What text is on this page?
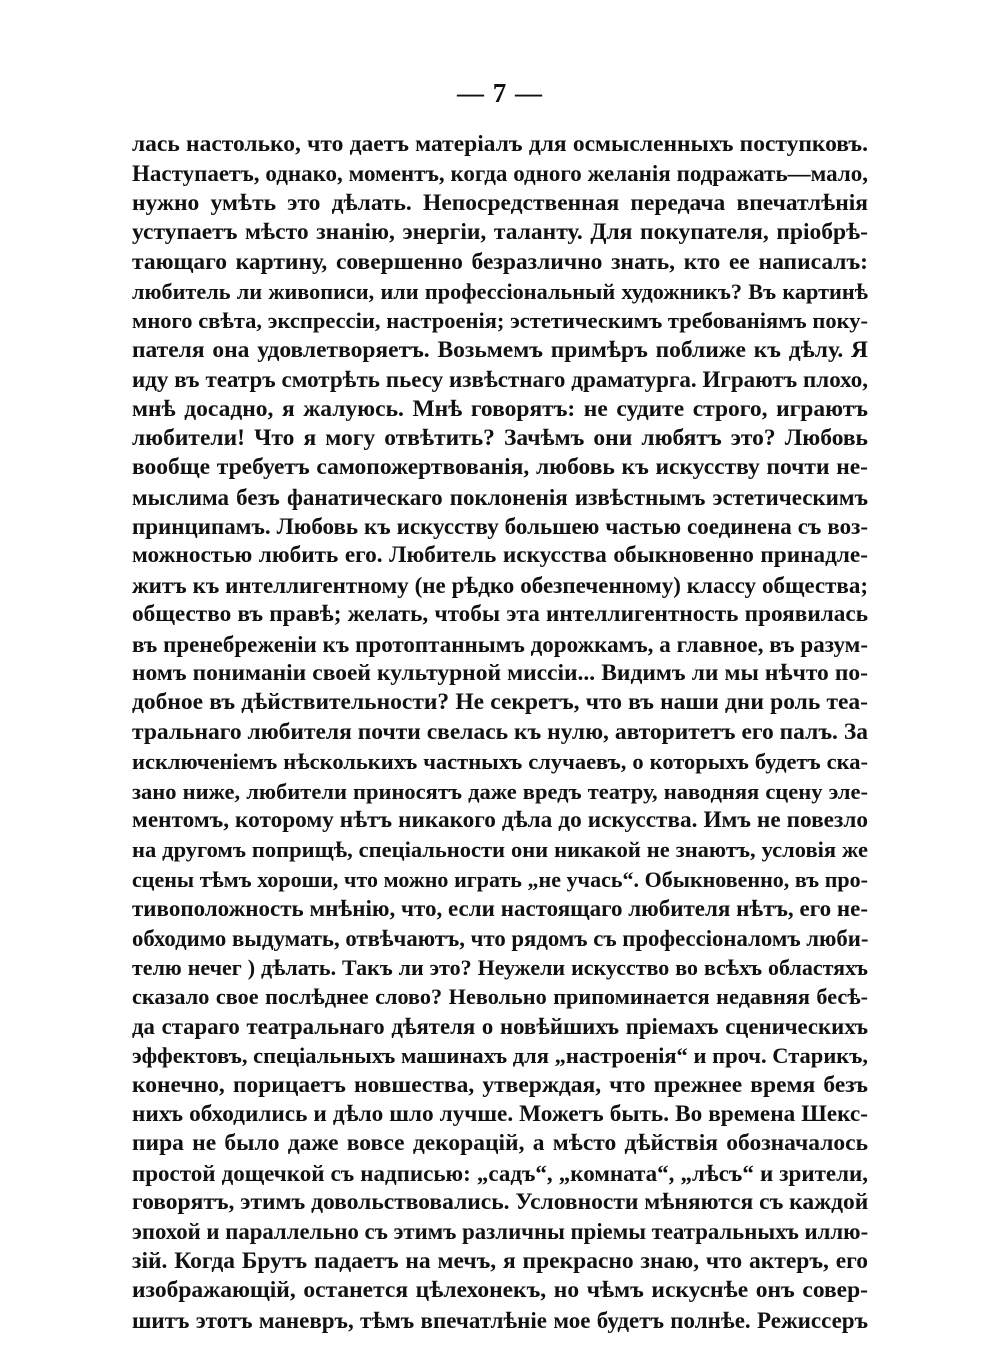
— 7 —
лась настолько, что даетъ матеріалъ для осмысленныхъ поступковъ.
Наступаетъ, однако, моментъ, когда одного желанія подражать—мало,
нужно умѣть это дѣлать. Непосредственная передача впечатлѣнія
уступаетъ мѣсто знанію, энергіи, таланту. Для покупателя, пріобрѣ-
тающаго картину, совершенно безразлично знать, кто ее написалъ:
любитель ли живописи, или профессіональный художникъ? Въ картинѣ
много свѣта, экспрессіи, настроенія; эстетическимъ требованіямъ поку-
пателя она удовлетворяетъ. Возьмемъ примѣръ поближе къ дѣлу. Я
иду въ театръ смотрѣть пьесу извѣстнаго драматурга. Играютъ плохо,
мнѣ досадно, я жалуюсь. Мнѣ говорятъ: не судите строго, играютъ
любители! Что я могу отвѣтить? Зачѣмъ они любятъ это? Любовь
вообще требуетъ самопожертвованія, любовь къ искусству почти не-
мыслима безъ фанатическаго поклоненія извѣстнымъ эстетическимъ
принципамъ. Любовь къ искусству большею частью соединена съ воз-
можностью любить его. Любитель искусства обыкновенно принадле-
житъ къ интеллигентному (не рѣдко обезпеченному) классу общества;
общество въ правѣ; желать, чтобы эта интеллигентность проявилась
въ пренебреженіи къ протоптаннымъ дорожкамъ, а главное, въ разум-
номъ пониманіи своей культурной миссіи... Видимъ ли мы нѣчто по-
добное въ дѣйствительности? Не секретъ, что въ наши дни роль теа-
тральнаго любителя почти свелась къ нулю, авторитетъ его палъ. За
исключеніемъ нѣсколькихъ частныхъ случаевъ, о которыхъ будетъ ска-
зано ниже, любители приносятъ даже вредъ театру, наводняя сцену эле-
ментомъ, которому нѣтъ никакого дѣла до искусства. Имъ не повезло
на другомъ поприщѣ, спеціальности они никакой не знаютъ, условія же
сцены тѣмъ хороши, что можно играть „не учась“. Обыкновенно, въ про-
тивоположность мнѣнію, что, если настоящаго любителя нѣтъ, его не-
обходимо выдумать, отвѣчаютъ, что рядомъ съ профессіоналомъ люби-
телю нечег ) дѣлать. Такъ ли это? Неужели искусство во всѣхъ областяхъ
сказало свое послѣднее слово? Невольно припоминается недавняя бесѣ-
да стараго театральнаго дѣятеля о новѣйшихъ пріемахъ сценическихъ
эффектовъ, спеціальныхъ машинахъ для „настроенія“ и проч. Старикъ,
конечно, порицаетъ новшества, утверждая, что прежнее время безъ
нихъ обходились и дѣло шло лучше. Можетъ быть. Во времена Шекс-
пира не было даже вовсе декорацій, а мѣсто дѣйствія обозначалось
простой дощечкой съ надписью: „садъ“, „комната“, „лѣсъ“ и зрители,
говорятъ, этимъ довольствовались. Условности мѣняются съ каждой
эпохой и параллельно съ этимъ различны пріемы театральныхъ иллю-
зій. Когда Брутъ падаетъ на мечъ, я прекрасно знаю, что актеръ, его
изображающій, останется цѣлехонекъ, но чѣмъ искуснѣе онъ совер-
шитъ этотъ маневръ, тѣмъ впечатлѣніе мое будетъ полнѣе. Режиссеръ
